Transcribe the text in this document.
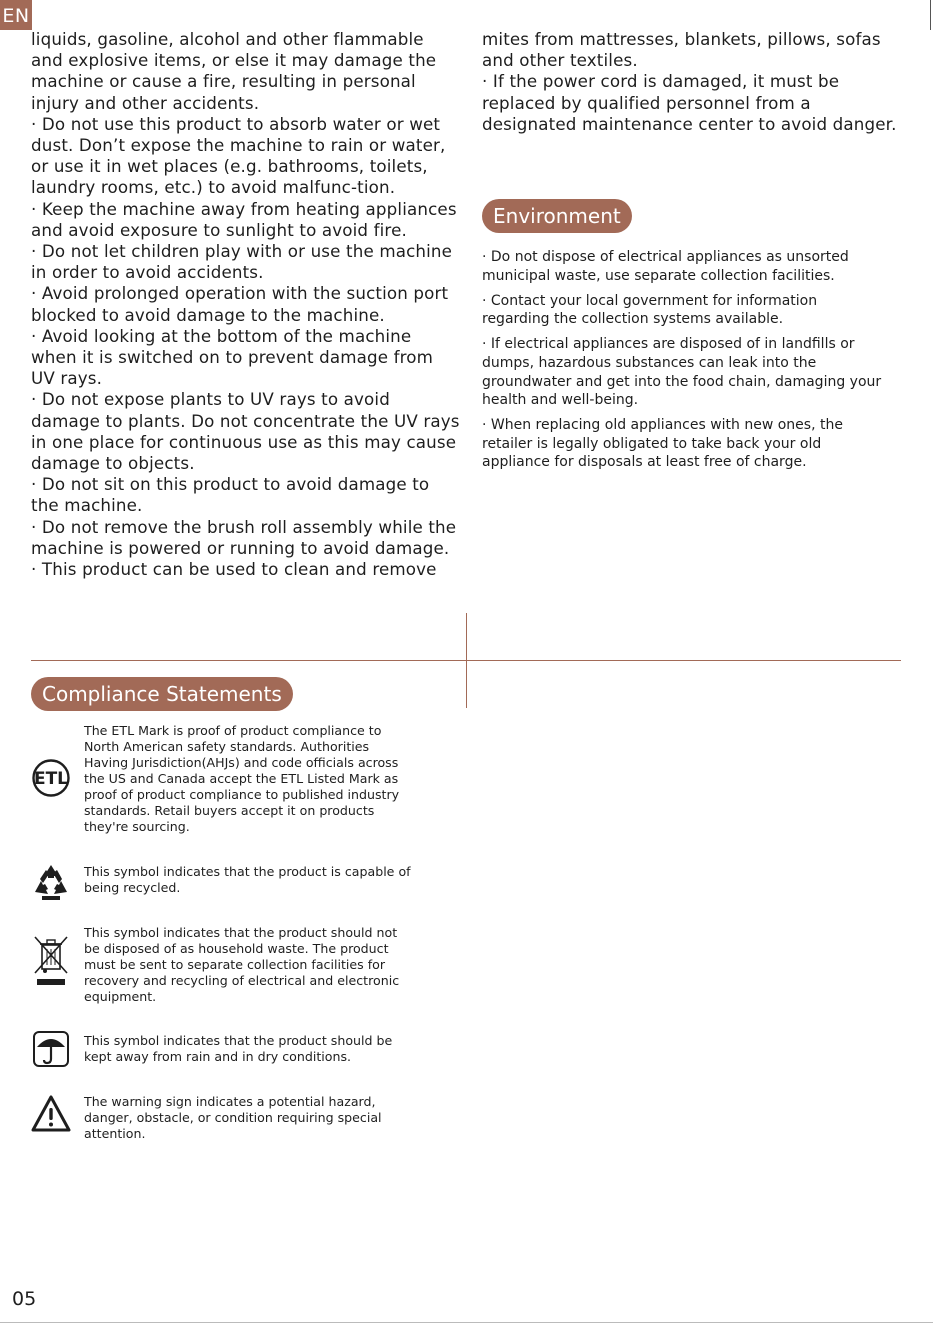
EN

liquids, gasoline, alcohol and other flammable and explosive items, or else it may damage the machine or cause a fire, resulting in personal injury and other accidents.

· Do not use this product to absorb water or wet dust. Don’t expose the machine to rain or water, or use it in wet places (e.g. bathrooms, toilets, laundry rooms, etc.) to avoid malfunc-tion.

· Keep the machine away from heating appliances and avoid exposure to sunlight to avoid fire.

· Do not let children play with or use the machine in order to avoid accidents.

· Avoid prolonged operation with the suction port blocked to avoid damage to the machine.

· Avoid looking at the bottom of the machine when it is switched on to prevent damage from UV rays.

· Do not expose plants to UV rays to avoid damage to plants. Do not concentrate the UV rays in one place for continuous use as this may cause damage to objects.

· Do not sit on this product to avoid damage to the machine.

· Do not remove the brush roll assembly while the machine is powered or running to avoid damage.

· This product can be used to clean and remove

mites from mattresses, blankets, pillows, sofas and other textiles.

· If the power cord is damaged, it must be replaced by qualified personnel from a designated maintenance center to avoid danger.

Environment

· Do not dispose of electrical appliances as unsorted municipal waste, use separate collection facilities.

· Contact your local government for information regarding the collection systems available.

· If electrical appliances are disposed of in landfills or dumps, hazardous substances can leak into the groundwater and get into the food chain, damaging your health and well-being.

· When replacing old appliances with new ones, the retailer is legally obligated to take back your old appliance for disposals at least free of charge.

Compliance Statements
ETL
The ETL Mark is proof of product compliance to North American safety standards. Authorities Having Jurisdiction(AHJs) and code officials across the US and Canada accept the ETL Listed Mark as proof of product compliance to published industry standards. Retail buyers accept it on products they're sourcing.
This symbol indicates that the product is capable of being recycled.
This symbol indicates that the product should not be disposed of as household waste. The product must be sent to separate collection facilities for recovery and recycling of electrical and electronic equipment.
This symbol indicates that the product should be kept away from rain and in dry conditions.
The warning sign indicates a potential hazard, danger, obstacle, or condition requiring special attention.
05
